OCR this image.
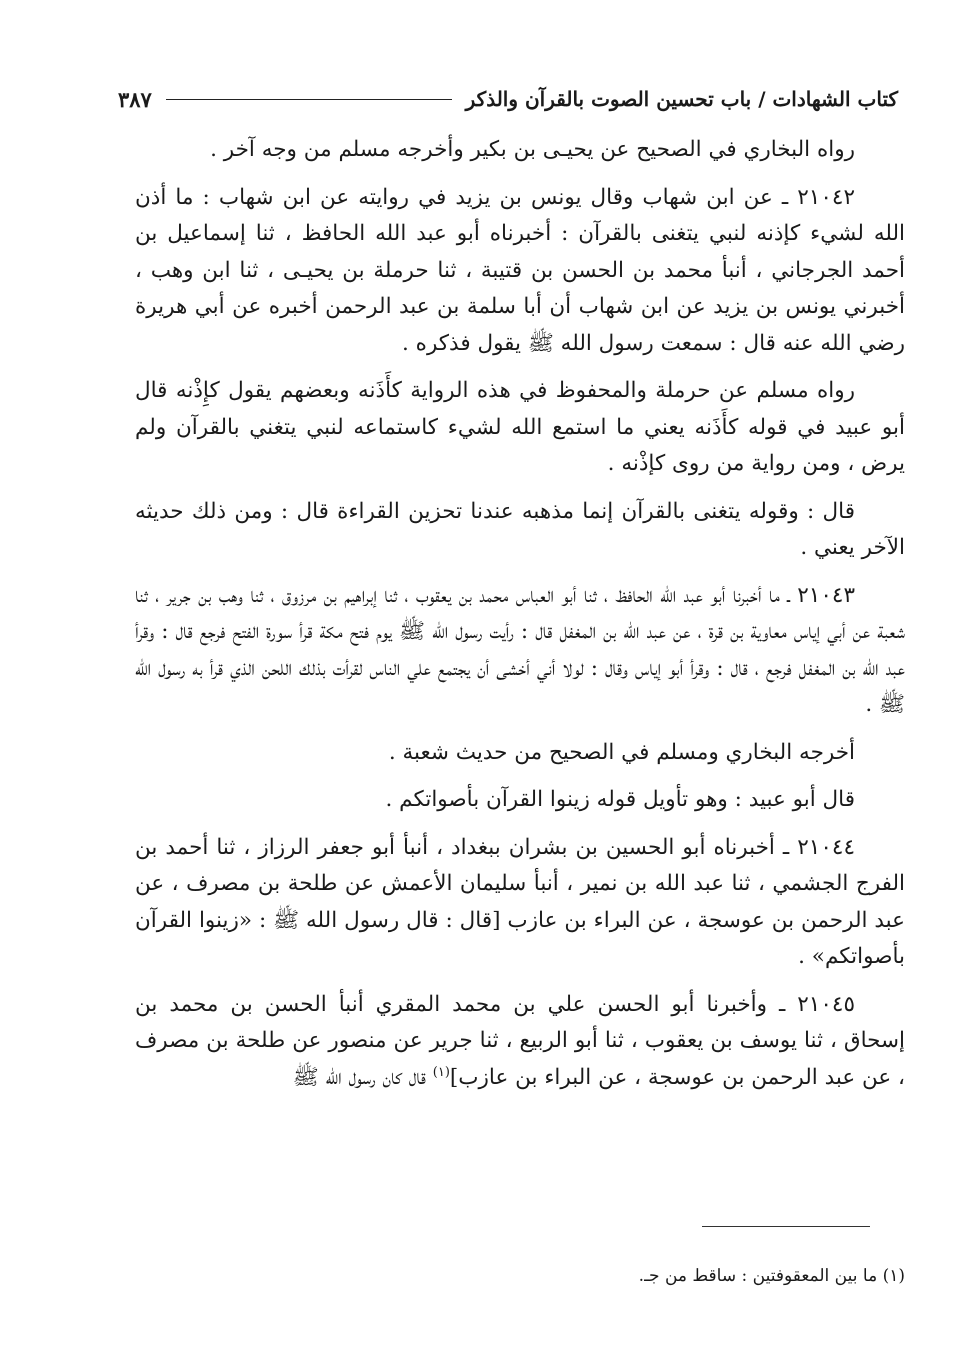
كتاب الشهادات / باب تحسين الصوت بالقرآن والذكر
٣٨٧

رواه البخاري في الصحيح عن يحيـى بن بكير وأخرجه مسلم من وجه آخر .

٢١٠٤٢ ـ عن ابن شهاب وقال يونس بن يزيد في روايته عن ابن شهاب : ما أذن الله لشيء كإذنه لنبي يتغنى بالقرآن : أخبرناه أبو عبد الله الحافظ ، ثنا إسماعيل بن أحمد الجرجاني ، أنبأ محمد بن الحسن بن قتيبة ، ثنا حرملة بن يحيـى ، ثنا ابن وهب ، أخبرني يونس بن يزيد عن ابن شهاب أن أبا سلمة بن عبد الرحمن أخبره عن أبي هريرة رضي الله عنه قال : سمعت رسول الله ﷺ يقول فذكره .

رواه مسلم عن حرملة والمحفوظ في هذه الرواية كأَذَنه وبعضهم يقول كإِذْنه قال أبو عبيد في قوله كأَذَنه يعني ما استمع الله لشيء كاستماعه لنبي يتغني بالقرآن ولم يرض ، ومن رواية من روى كإذْنه .

قال : وقوله يتغنى بالقرآن إنما مذهبه عندنا تحزين القراءة قال : ومن ذلك حديثه الآخر يعني .

٢١٠٤٣ ـ ما أخبرنا أبو عبد الله الحافظ ، ثنا أبو العباس محمد بن يعقوب ، ثنا إبراهيم بن مرزوق ، ثنا وهب بن جرير ، ثنا شعبة عن أبي إياس معاوية بن قرة ، عن عبد الله بن المغفل قال : رأيت رسول الله ﷺ يوم فتح مكة قرأ سورة الفتح فرجع قال : وقرأ عبد الله بن المغفل فرجع ، قال : وقرأ أبو إياس وقال : لولا أني أخشى أن يجتمع علي الناس لقرأت بذلك اللحن الذي قرأ به رسول الله ﷺ .

أخرجه البخاري ومسلم في الصحيح من حديث شعبة .

قال أبو عبيد : وهو تأويل قوله زينوا القرآن بأصواتكم .

٢١٠٤٤ ـ أخبرناه أبو الحسين بن بشران ببغداد ، أنبأ أبو جعفر الرزاز ، ثنا أحمد بن الفرج الجشمي ، ثنا عبد الله بن نمير ، أنبأ سليمان الأعمش عن طلحة بن مصرف ، عن عبد الرحمن بن عوسجة ، عن البراء بن عازب [قال : قال رسول الله ﷺ : «زينوا القرآن بأصواتكم» .

٢١٠٤٥ ـ وأخبرنا أبو الحسن علي بن محمد المقري أنبأ الحسن بن محمد بن إسحاق ، ثنا يوسف بن يعقوب ، ثنا أبو الربيع ، ثنا جرير عن منصور عن طلحة بن مصرف ، عن عبد الرحمن بن عوسجة ، عن البراء بن عازب]$^{(١)}$ قال كان رسول الله ﷺ

(١) ما بين المعقوفتين : ساقط من جـ.
